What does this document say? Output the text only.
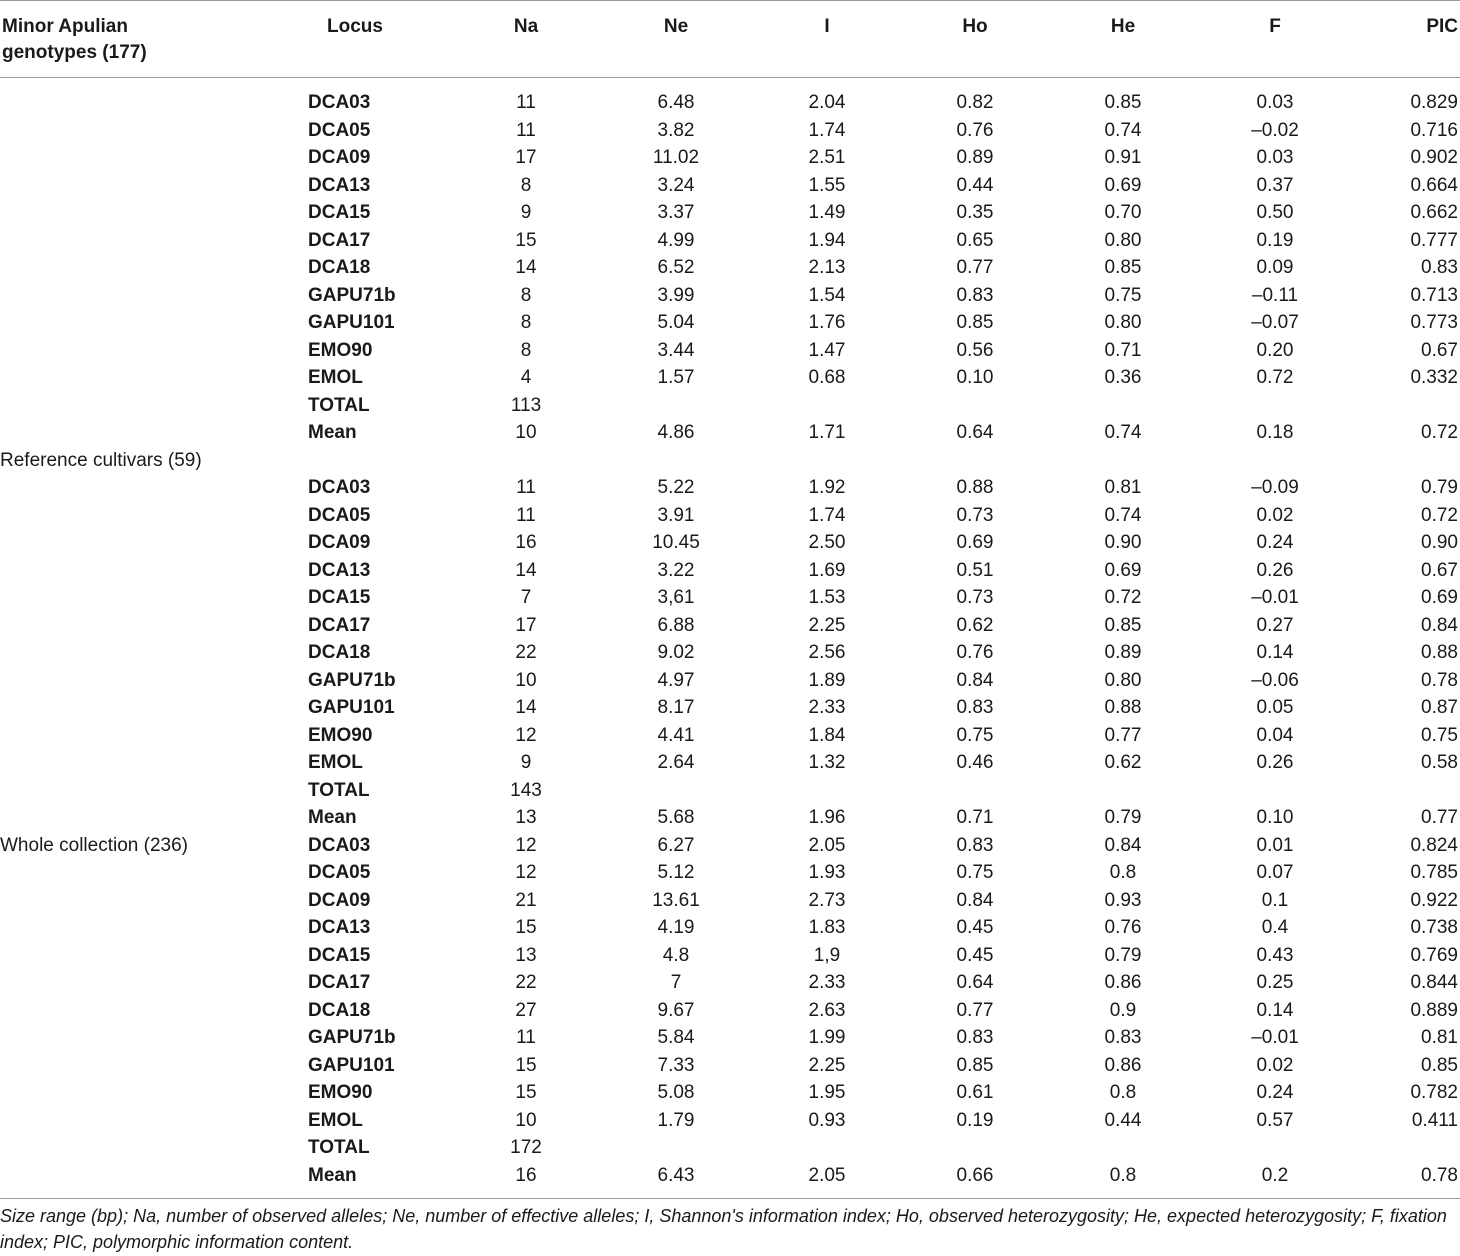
Minor Apulian genotypes (177)
Locus	Na	Ne	I	Ho	He	F	PIC
DCA03	11	6.48	2.04	0.82	0.85	0.03	0.829
DCA05	11	3.82	1.74	0.76	0.74	–0.02	0.716
DCA09	17	11.02	2.51	0.89	0.91	0.03	0.902
DCA13	8	3.24	1.55	0.44	0.69	0.37	0.664
DCA15	9	3.37	1.49	0.35	0.70	0.50	0.662
DCA17	15	4.99	1.94	0.65	0.80	0.19	0.777
DCA18	14	6.52	2.13	0.77	0.85	0.09	0.83
GAPU71b	8	3.99	1.54	0.83	0.75	–0.11	0.713
GAPU101	8	5.04	1.76	0.85	0.80	–0.07	0.773
EMO90	8	3.44	1.47	0.56	0.71	0.20	0.67
EMOL	4	1.57	0.68	0.10	0.36	0.72	0.332
TOTAL	113
Mean	10	4.86	1.71	0.64	0.74	0.18	0.72
Reference cultivars (59)
DCA03	11	5.22	1.92	0.88	0.81	–0.09	0.79
DCA05	11	3.91	1.74	0.73	0.74	0.02	0.72
DCA09	16	10.45	2.50	0.69	0.90	0.24	0.90
DCA13	14	3.22	1.69	0.51	0.69	0.26	0.67
DCA15	7	3,61	1.53	0.73	0.72	–0.01	0.69
DCA17	17	6.88	2.25	0.62	0.85	0.27	0.84
DCA18	22	9.02	2.56	0.76	0.89	0.14	0.88
GAPU71b	10	4.97	1.89	0.84	0.80	–0.06	0.78
GAPU101	14	8.17	2.33	0.83	0.88	0.05	0.87
EMO90	12	4.41	1.84	0.75	0.77	0.04	0.75
EMOL	9	2.64	1.32	0.46	0.62	0.26	0.58
TOTAL	143
Mean	13	5.68	1.96	0.71	0.79	0.10	0.77
Whole collection (236)	DCA03	12	6.27	2.05	0.83	0.84	0.01	0.824
DCA05	12	5.12	1.93	0.75	0.8	0.07	0.785
DCA09	21	13.61	2.73	0.84	0.93	0.1	0.922
DCA13	15	4.19	1.83	0.45	0.76	0.4	0.738
DCA15	13	4.8	1,9	0.45	0.79	0.43	0.769
DCA17	22	7	2.33	0.64	0.86	0.25	0.844
DCA18	27	9.67	2.63	0.77	0.9	0.14	0.889
GAPU71b	11	5.84	1.99	0.83	0.83	–0.01	0.81
GAPU101	15	7.33	2.25	0.85	0.86	0.02	0.85
EMO90	15	5.08	1.95	0.61	0.8	0.24	0.782
EMOL	10	1.79	0.93	0.19	0.44	0.57	0.411
TOTAL	172
Mean	16	6.43	2.05	0.66	0.8	0.2	0.78
Size range (bp); Na, number of observed alleles; Ne, number of effective alleles; I, Shannon's information index; Ho, observed heterozygosity; He, expected heterozygosity; F, fixation index; PIC, polymorphic information content.
